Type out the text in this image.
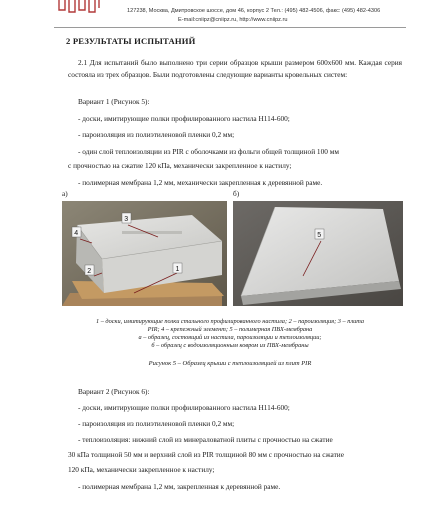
127238, Москва, Дмитровское шоссе, дом 46, корпус 2 Тел.: (495) 482-4506, факс: (495) 482-4306
E-mail:cniipz@cniipz.ru, http://www.cniipz.ru
2 РЕЗУЛЬТАТЫ ИСПЫТАНИЙ
2.1 Для испытаний было выполнено три серии образцов крыши размером 600х600 мм. Каждая серия состояла из трех образцов. Были подготовлены следующие варианты кровельных систем:
Вариант 1 (Рисунок 5):
- доски, имитирующие полки профилированного настила Н114-600;
- пароизоляция из полиэтиленовой пленки 0,2 мм;
- один слой теплоизоляции из PIR с оболочками из фольги общей толщиной 100 мм
с прочностью на сжатие 120 кПа, механически закрепленное к настилу;
- полимерная мембрана 1,2 мм, механически закрепленная к деревянной раме.
а)	б)
3
4
2	1
5
1 – доски, имитирующие полки стального профилированного настила; 2 – пароизоляция; 3 – плита
PIR; 4 – крепежный элемент; 5 – полимерная ПВХ-мембрана
а – образец, состоящий из настила, пароизоляции и теплоизоляции;
б – образец с водоизоляционным ковром из ПВХ-мембраны
Рисунок 5 – Образец крыши с теплоизоляцией из плит PIR
Вариант 2 (Рисунок 6):
- доски, имитирующие полки профилированного настила Н114-600;
- пароизоляция из полиэтиленовой пленки 0,2 мм;
- теплоизоляция: нижний слой из минераловатной плиты с прочностью на сжатие
30 кПа толщиной 50 мм и верхний слой из PIR толщиной 80 мм с прочностью на сжатие
120 кПа, механически закрепленное к настилу;
- полимерная мембрана 1,2 мм, закрепленная к деревянной раме.
